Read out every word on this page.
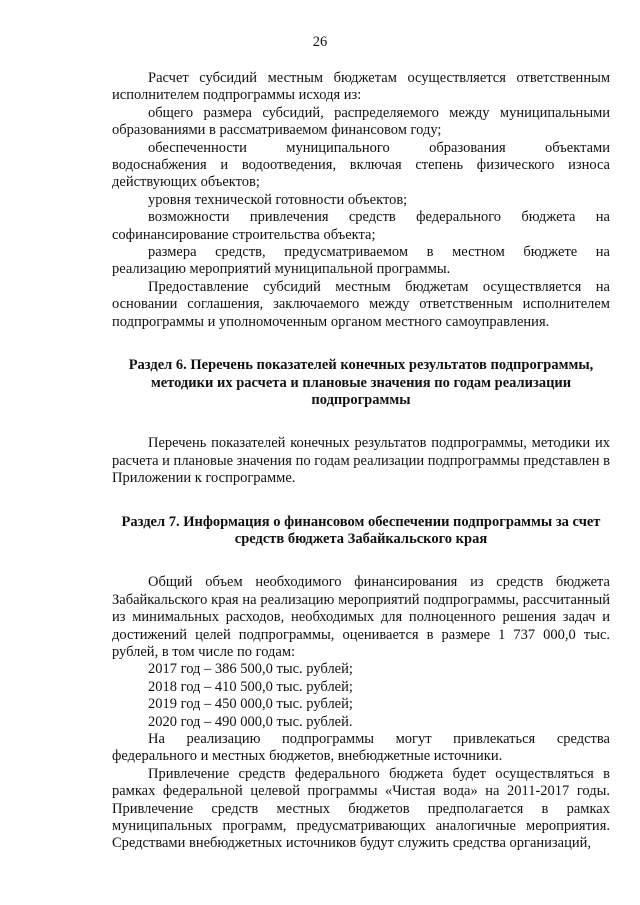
26

Расчет субсидий местным бюджетам осуществляется ответственным исполнителем подпрограммы исходя из:

общего размера субсидий, распределяемого между муниципальными образованиями в рассматриваемом финансовом году;

обеспеченности	муниципального	образования	объектами

водоснабжения и водоотведения, включая степень физического износа действующих объектов;

уровня технической готовности объектов;

возможности привлечения средств федерального бюджета на

софинансирование строительства объекта;

размера средств, предусматриваемом в местном бюджете на

реализацию мероприятий муниципальной программы.

Предоставление субсидий местным бюджетам осуществляется на основании соглашения, заключаемого между ответственным исполнителем подпрограммы и уполномоченным органом местного самоуправления.

Раздел 6. Перечень показателей конечных результатов подпрограммы, методики их расчета и плановые значения по годам реализации подпрограммы

Перечень показателей конечных результатов подпрограммы, методики их расчета и плановые значения по годам реализации подпрограммы представлен в Приложении к госпрограмме.

Раздел 7. Информация о финансовом обеспечении подпрограммы за счет средств бюджета Забайкальского края

Общий объем необходимого финансирования из средств бюджета Забайкальского края на реализацию мероприятий подпрограммы, рассчитанный из минимальных расходов, необходимых для полноценного решения задач и достижений целей подпрограммы, оценивается в размере 1 737 000,0 тыс. рублей, в том числе по годам:

2017 год – 386 500,0 тыс. рублей;

2018 год – 410 500,0 тыс. рублей;

2019 год – 450 000,0 тыс. рублей;

2020 год – 490 000,0 тыс. рублей.

На реализацию подпрограммы могут привлекаться средства

федерального и местных бюджетов, внебюджетные источники.

Привлечение средств федерального бюджета будет осуществляться в рамках федеральной целевой программы «Чистая вода» на 2011-2017 годы. Привлечение средств местных бюджетов предполагается в рамках муниципальных программ, предусматривающих аналогичные мероприятия. Средствами внебюджетных источников будут служить средства организаций,
